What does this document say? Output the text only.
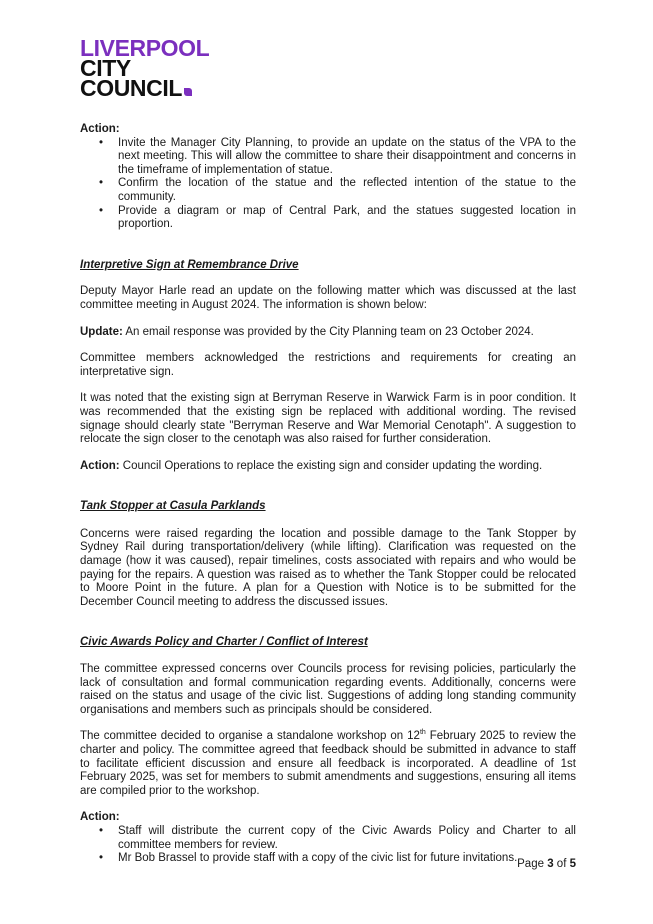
LIVERPOOL
CITY
COUNCIL

Action:

• Invite the Manager City Planning, to provide an update on the status of the VPA to the next meeting. This will allow the committee to share their disappointment and concerns in the timeframe of implementation of statue.
• Confirm the location of the statue and the reflected intention of the statue to the community.
• Provide a diagram or map of Central Park, and the statues suggested location in proportion.

Interpretive Sign at Remembrance Drive

Deputy Mayor Harle read an update on the following matter which was discussed at the last committee meeting in August 2024. The information is shown below:

Update: An email response was provided by the City Planning team on 23 October 2024.

Committee members acknowledged the restrictions and requirements for creating an interpretative sign.

It was noted that the existing sign at Berryman Reserve in Warwick Farm is in poor condition. It was recommended that the existing sign be replaced with additional wording. The revised signage should clearly state "Berryman Reserve and War Memorial Cenotaph". A suggestion to relocate the sign closer to the cenotaph was also raised for further consideration.

Action: Council Operations to replace the existing sign and consider updating the wording.

Tank Stopper at Casula Parklands

Concerns were raised regarding the location and possible damage to the Tank Stopper by Sydney Rail during transportation/delivery (while lifting). Clarification was requested on the damage (how it was caused), repair timelines, costs associated with repairs and who would be paying for the repairs. A question was raised as to whether the Tank Stopper could be relocated to Moore Point in the future. A plan for a Question with Notice is to be submitted for the December Council meeting to address the discussed issues.

Civic Awards Policy and Charter / Conflict of Interest

The committee expressed concerns over Councils process for revising policies, particularly the lack of consultation and formal communication regarding events. Additionally, concerns were raised on the status and usage of the civic list. Suggestions of adding long standing community organisations and members such as principals should be considered.

The committee decided to organise a standalone workshop on 12th February 2025 to review the charter and policy. The committee agreed that feedback should be submitted in advance to staff to facilitate efficient discussion and ensure all feedback is incorporated. A deadline of 1st February 2025, was set for members to submit amendments and suggestions, ensuring all items are compiled prior to the workshop.

Action:

• Staff will distribute the current copy of the Civic Awards Policy and Charter to all committee members for review.
• Mr Bob Brassel to provide staff with a copy of the civic list for future invitations. Page 3 of 5
